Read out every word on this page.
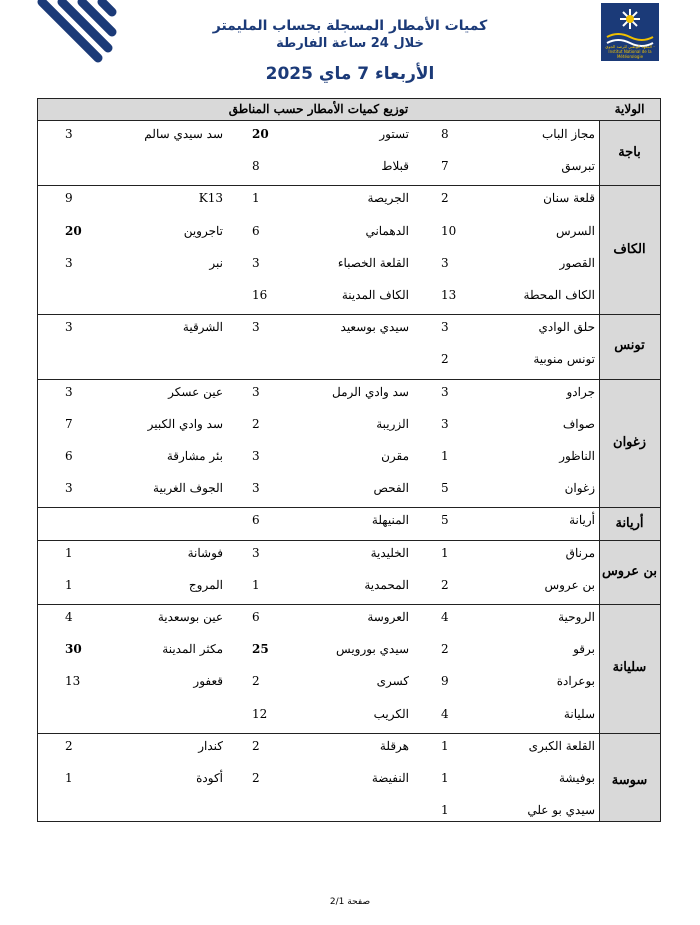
المعهد الوطني للرصد الجوي - Institut National de la Météorologie
كميات الأمطار المسجلة بحساب المليمتر
خلال 24 ساعة الفارطة
الأربعاء 7 ماي 2025
توزيع كميات الأمطار حسب المناطق	الولاية
مجاز الباب
8
تستور
20
سد سيدي سالم
3
تبرسق
7
قبلاط
8
باجة
قلعة سنان
2
الجريصة
1
K13
9
السرس
10
الدهماني
6
تاجروين
20
القصور
3
القلعة الخصباء
3
نبر
3
الكاف المحطة
13
الكاف المدينة
16
الكاف
حلق الوادي
3
سيدي بوسعيد
3
الشرقية
3
تونس منوبية
2
تونس
جرادو
3
سد وادي الرمل
3
عين عسكر
3
صواف
3
الزريبة
2
سد وادي الكبير
7
الناظور
1
مقرن
3
بئر مشارقة
6
زغوان
5
الفحص
3
الجوف الغربية
3
زغوان
أريانة
5
المنيهلة
6	أريانة
مرناق
1
الخليدية
3
فوشانة
1
بن عروس
2
المحمدية
1
المروج
1
بن عروس
الروحية
4
العروسة
6
عين بوسعدية
4
برقو
2
سيدي بورويس
25
مكثر المدينة
30
بوعرادة
9
كسرى
2
قعفور
13
سليانة
4
الكريب
12
سليانة
القلعة الكبرى
1
هرقلة
2
كندار
2
بوفيشة
1
النفيضة
2
أكودة
1
سيدي بو علي
1
سوسة
صفحة 2/1
